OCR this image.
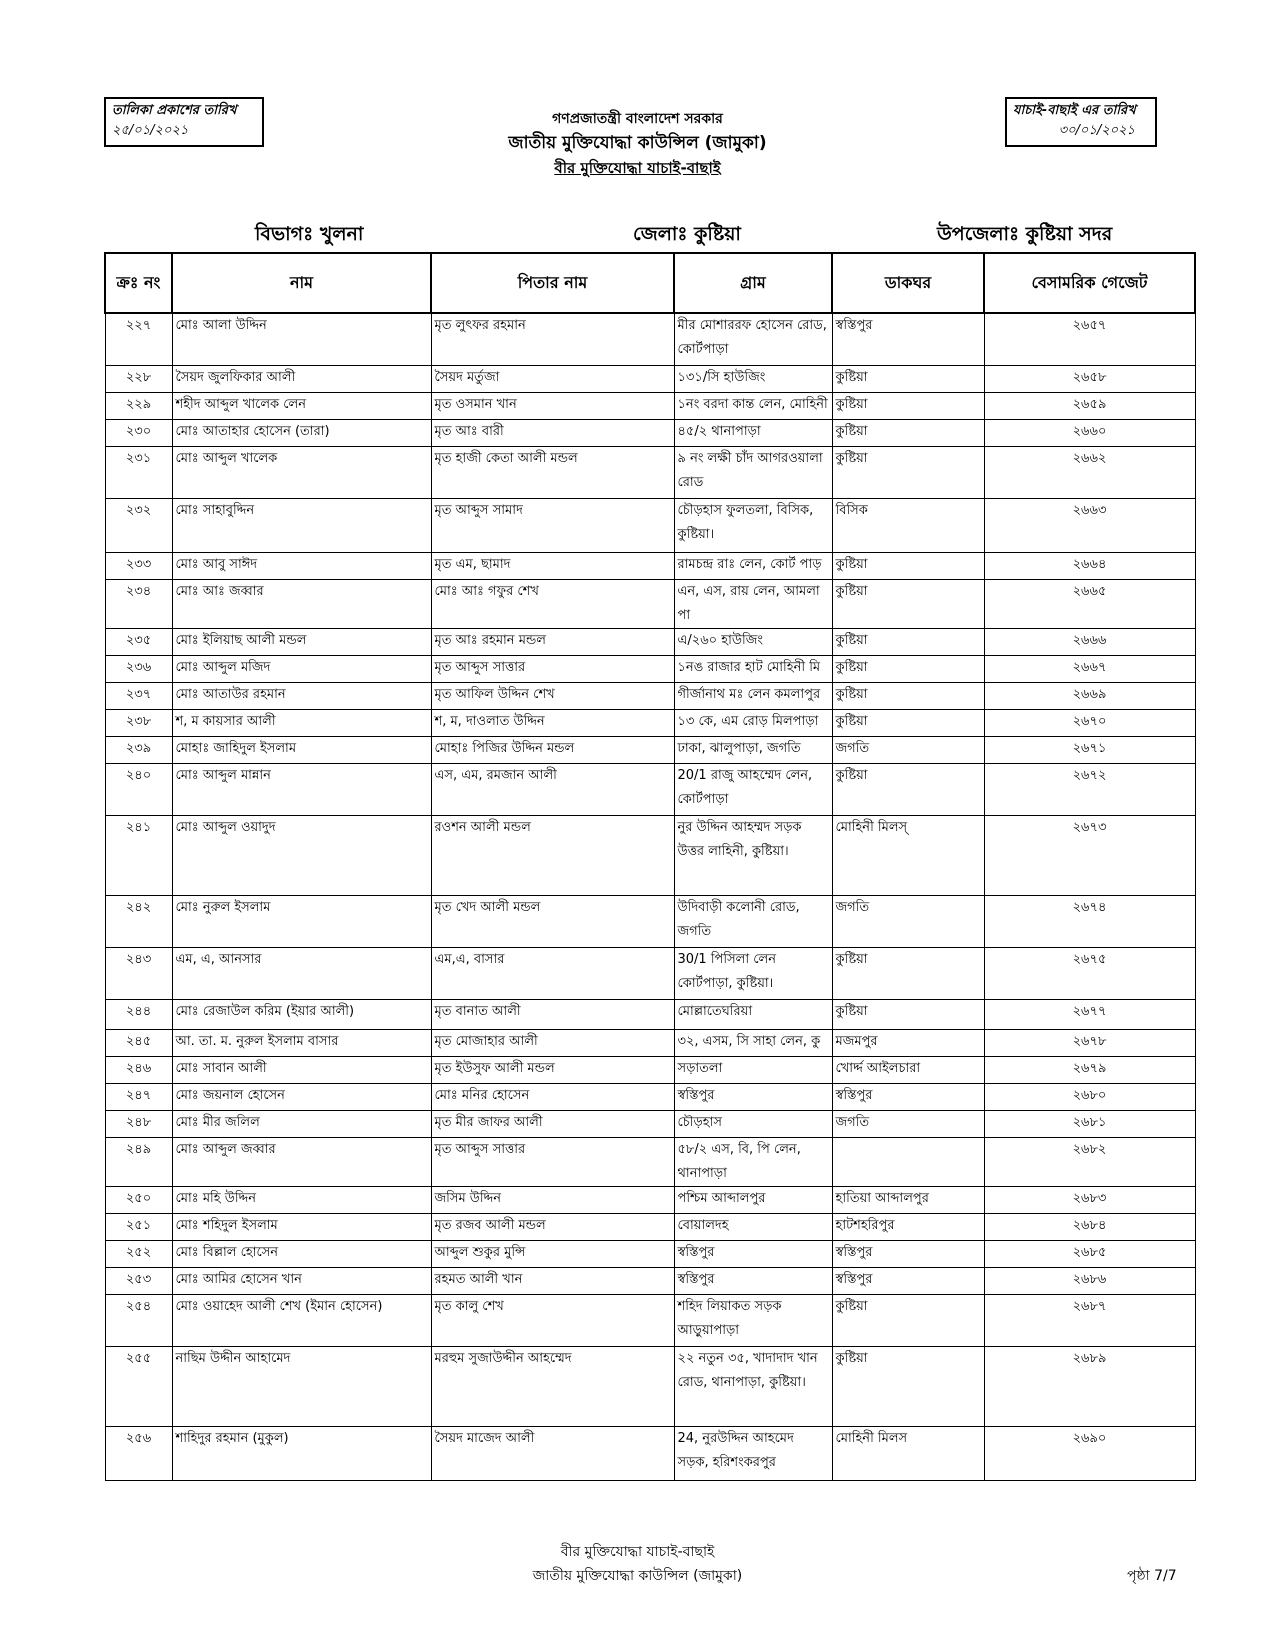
তালিকা প্রকাশের তারিখ
২৫/০১/২০২১
যাচাই-বাছাই এর তারিখ
৩০/০১/২০২১
গণপ্রজাতন্ত্রী বাংলাদেশ সরকার
জাতীয় মুক্তিযোদ্ধা কাউন্সিল (জামুকা)
বীর মুক্তিযোদ্ধা যাচাই-বাছাই
বিভাগঃ খুলনা	জেলাঃ কুষ্টিয়া	উপজেলাঃ কুষ্টিয়া সদর
ক্রঃ নং	নাম	পিতার নাম	গ্রাম	ডাকঘর	বেসামরিক গেজেট
২২৭	মোঃ আলা উদ্দিন	মৃত লুৎফর রহমান	মীর মোশাররফ হোসেন রোড, কোর্টপাড়া	স্বস্তিপুর	২৬৫৭
২২৮	সৈয়দ জুলফিকার আলী	সৈয়দ মর্তুজা	১৩১/সি হাউজিং	কুষ্টিয়া	২৬৫৮
২২৯	শহীদ আব্দুল খালেক লেন	মৃত ওসমান খান	১নং বরদা কান্ত লেন, মোহিনী	কুষ্টিয়া	২৬৫৯
২৩০	মোঃ আতাহার হোসেন (তারা)	মৃত আঃ বারী	৪৫/২ থানাপাড়া	কুষ্টিয়া	২৬৬০
২৩১	মোঃ আব্দুল খালেক	মৃত হাজী কেতা আলী মন্ডল	৯ নং লক্ষী চাঁদ আগরওয়ালা রোড	কুষ্টিয়া	২৬৬২
২৩২	মোঃ সাহাবুদ্দিন	মৃত আব্দুস সামাদ	চৌড়হাস ফুলতলা, বিসিক, কুষ্টিয়া।	বিসিক	২৬৬৩
২৩৩	মোঃ আবু সাঈদ	মৃত এম, ছামাদ	রামচন্দ্র রাঃ লেন, কোর্ট পাড়	কুষ্টিয়া	২৬৬৪
২৩৪	মোঃ আঃ জব্বার	মোঃ আঃ গফুর শেখ	এন, এস, রায় লেন, আমলা পা	কুষ্টিয়া	২৬৬৫
২৩৫	মোঃ ইলিয়াছ আলী মন্ডল	মৃত আঃ রহমান মন্ডল	এ/২৬০ হাউজিং	কুষ্টিয়া	২৬৬৬
২৩৬	মোঃ আব্দুল মজিদ	মৃত আব্দুস সাত্তার	১নঙ রাজার হাট মোহিনী মি	কুষ্টিয়া	২৬৬৭
২৩৭	মোঃ আতাউর রহমান	মৃত আফিল উদ্দিন শেখ	গীর্জানাথ মঃ লেন কমলাপুর	কুষ্টিয়া	২৬৬৯
২৩৮	শ, ম কায়সার আলী	শ, ম, দাওলাত উদ্দিন	১৩ কে, এম রোড় মিলপাড়া	কুষ্টিয়া	২৬৭০
২৩৯	মোহাঃ জাহিদুল ইসলাম	মোহাঃ পিজির উদ্দিন মন্ডল	ঢাকা, ঝালুপাড়া, জগতি	জগতি	২৬৭১
২৪০	মোঃ আব্দুল মান্নান	এস, এম, রমজান আলী	20/1 রাজু আহম্মেদ লেন, কোর্টপাড়া	কুষ্টিয়া	২৬৭২
২৪১	মোঃ আব্দুল ওয়াদুদ	রওশন আলী মন্ডল	নুর উদ্দিন আহম্মদ সড়ক উত্তর লাহিনী, কুষ্টিয়া।	মোহিনী মিলস্	২৬৭৩
২৪২	মোঃ নুরুল ইসলাম	মৃত খেদ আলী মন্ডল	উদিবাড়ী কলোনী রোড, জগতি	জগতি	২৬৭৪
২৪৩	এম, এ, আনসার	এম,এ, বাসার	30/1 পিসিলা লেন কোর্টপাড়া, কুষ্টিয়া।	কুষ্টিয়া	২৬৭৫
২৪৪	মোঃ রেজাউল করিম (ইয়ার আলী)	মৃত বানাত আলী	মোল্লাতেঘরিয়া	কুষ্টিয়া	২৬৭৭
২৪৫	আ. তা. ম. নুরুল ইসলাম বাসার	মৃত মোজাহার আলী	৩২, এসম, সি সাহা লেন, কু	মজমপুর	২৬৭৮
২৪৬	মোঃ সাবান আলী	মৃত ইউসুফ আলী মন্ডল	সড়াতলা	খোর্দ্দ আইলচারা	২৬৭৯
২৪৭	মোঃ জয়নাল হোসেন	মোঃ মনির হোসেন	স্বস্তিপুর	স্বস্তিপুর	২৬৮০
২৪৮	মোঃ মীর জলিল	মৃত মীর জাফর আলী	চৌড়হাস	জগতি	২৬৮১
২৪৯	মোঃ আব্দুল জব্বার	মৃত আব্দুস সাত্তার	৫৮/২ এস, বি, পি লেন, থানাপাড়া		২৬৮২
২৫০	মোঃ মহি উদ্দিন	জসিম উদ্দিন	পশ্চিম আব্দালপুর	হাতিয়া আব্দালপুর	২৬৮৩
২৫১	মোঃ শহিদুল ইসলাম	মৃত রজব আলী মন্ডল	বোয়ালদহ	হাটশহরিপুর	২৬৮৪
২৫২	মোঃ বিল্লাল হোসেন	আব্দুল শুকুর মুন্সি	স্বস্তিপুর	স্বস্তিপুর	২৬৮৫
২৫৩	মোঃ আমির হোসেন খান	রহমত আলী খান	স্বস্তিপুর	স্বস্তিপুর	২৬৮৬
২৫৪	মোঃ ওয়াহেদ আলী শেখ (ইমান হোসেন)	মৃত কালু শেখ	শহিদ লিয়াকত সড়ক আড়ুয়াপাড়া	কুষ্টিয়া	২৬৮৭
২৫৫	নাছিম উদ্দীন আহামেদ	মরহুম সুজাউদ্দীন আহম্মেদ	২২ নতুন ৩৫, খাদাদাদ খান রোড, থানাপাড়া, কুষ্টিয়া।	কুষ্টিয়া	২৬৮৯
২৫৬	শাহিদুর রহমান (মুকুল)	সৈয়দ মাজেদ আলী	24, নুরউদ্দিন আহমেদ সড়ক, হরিশংকরপুর	মোহিনী মিলস	২৬৯০
বীর মুক্তিযোদ্ধা যাচাই-বাছাই
জাতীয় মুক্তিযোদ্ধা কাউন্সিল (জামুকা)	পৃষ্ঠা 7/7
